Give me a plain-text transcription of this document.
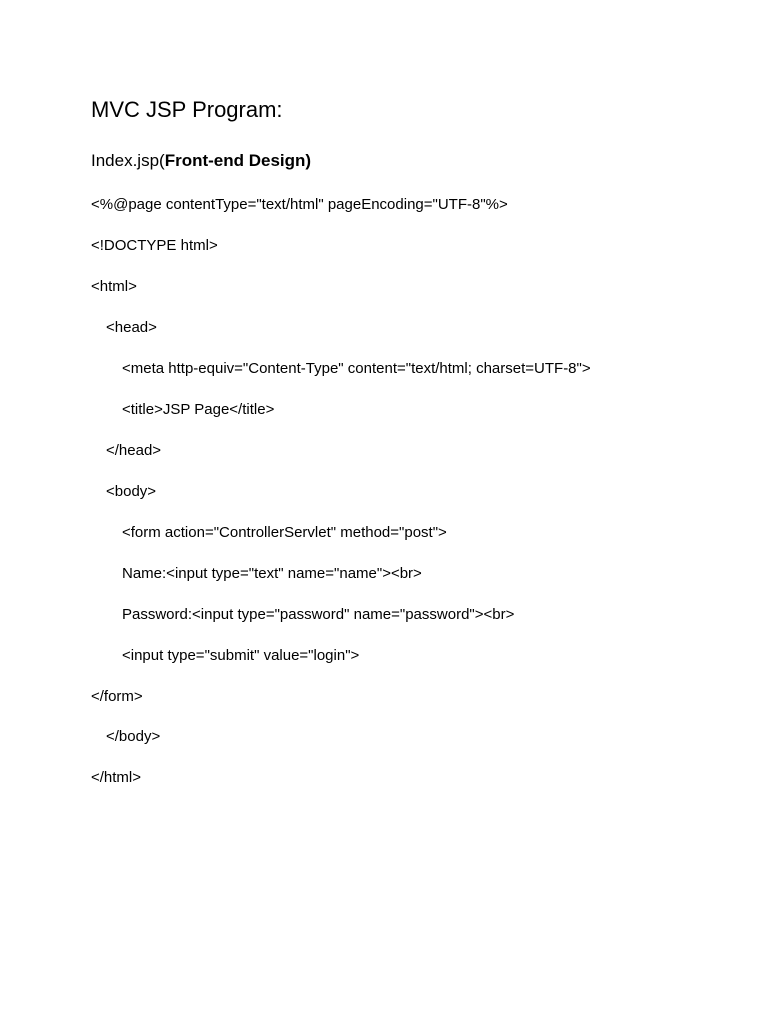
MVC JSP Program:
Index.jsp(Front-end Design)
<%@page contentType="text/html" pageEncoding="UTF-8"%>
<!DOCTYPE html>
<html>
<head>
<meta http-equiv="Content-Type" content="text/html; charset=UTF-8">
<title>JSP Page</title>
</head>
<body>
<form action="ControllerServlet" method="post">
Name:<input type="text" name="name"><br>
Password:<input type="password" name="password"><br>
<input type="submit" value="login">
</form>
</body>
</html>
